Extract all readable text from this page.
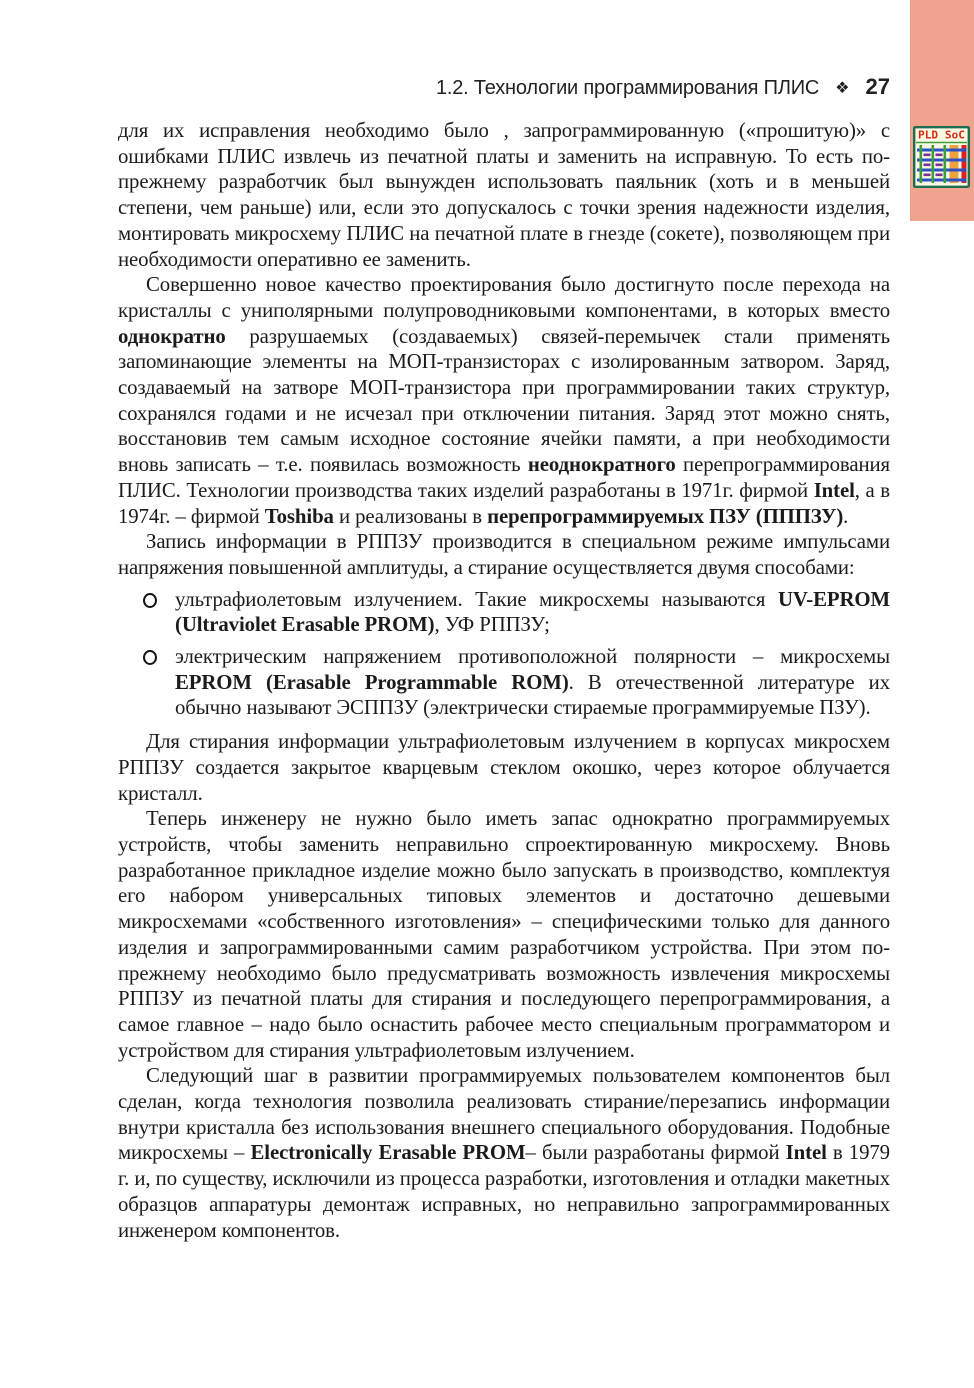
1.2. Технологии программирования ПЛИС ❖ 27
PLD SoC

для их исправления необходимо было , запрограммированную («прошитую)» с ошибками ПЛИС извлечь из печатной платы и заменить на исправную. То есть по-прежнему разработчик был вынужден использовать паяльник (хоть и в меньшей степени, чем раньше) или, если это допускалось с точки зрения надежности изделия, монтировать микросхему ПЛИС на печатной плате в гнезде (сокете), позволяющем при необходимости оперативно ее заменить.

Совершенно новое качество проектирования было достигнуто после перехода на кристаллы с униполярными полупроводниковыми компонентами, в которых вместо однократно разрушаемых (создаваемых) связей-перемычек стали применять запоминающие элементы на МОП-транзисторах с изолированным затвором. Заряд, создаваемый на затворе МОП-транзистора при программировании таких структур, сохранялся годами и не исчезал при отключении питания. Заряд этот можно снять, восстановив тем самым исходное состояние ячейки памяти, а при необходимости вновь записать – т.е. появилась возможность неоднократного перепрограммирования ПЛИС. Технологии производства таких изделий разработаны в 1971г. фирмой Intel, а в 1974г. – фирмой Toshiba и реализованы в перепрограммируемых ПЗУ (ПППЗУ).

Запись информации в РППЗУ производится в специальном режиме импульсами напряжения повышенной амплитуды, а стирание осуществляется двумя способами:

ультрафиолетовым излучением. Такие микросхемы называются UV-EPROM (Ultraviolet Erasable PROM), УФ РППЗУ;
электрическим напряжением противоположной полярности – микросхемы EPROM (Erasable Programmable ROM). В отечественной литературе их обычно называют ЭСППЗУ (электрически стираемые программируемые ПЗУ).

Для стирания информации ультрафиолетовым излучением в корпусах микросхем РППЗУ создается закрытое кварцевым стеклом окошко, через которое облучается кристалл.

Теперь инженеру не нужно было иметь запас однократно программируемых устройств, чтобы заменить неправильно спроектированную микросхему. Вновь разработанное прикладное изделие можно было запускать в производство, комплектуя его набором универсальных типовых элементов и достаточно дешевыми микросхемами «собственного изготовления» – специфическими только для данного изделия и запрограммированными самим разработчиком устройства. При этом по-прежнему необходимо было предусматривать возможность извлечения микросхемы РППЗУ из печатной платы для стирания и последующего перепрограммирования, а самое главное – надо было оснастить рабочее место специальным программатором и устройством для стирания ультрафиолетовым излучением.

Следующий шаг в развитии программируемых пользователем компонентов был сделан, когда технология позволила реализовать стирание/перезапись информации внутри кристалла без использования внешнего специального оборудования. Подобные микросхемы – Electronically Erasable PROM– были разработаны фирмой Intel в 1979 г. и, по существу, исключили из процесса разработки, изготовления и отладки макетных образцов аппаратуры демонтаж исправных, но неправильно запрограммированных инженером компонентов.
